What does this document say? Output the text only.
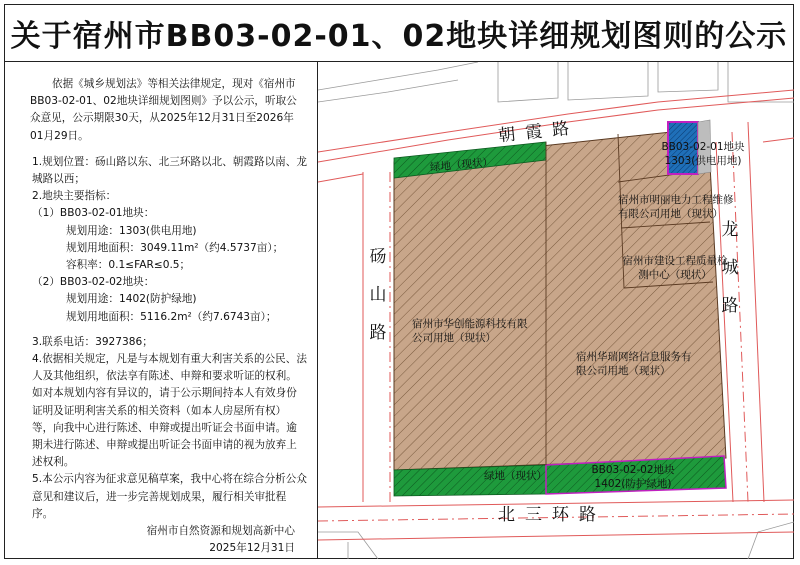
关于宿州市BB03-02-01、02地块详细规划图则的公示

依据《城乡规划法》等相关法律规定，现对《宿州市BB03-02-01、02地块详细规划图则》予以公示，听取公众意见，公示期限30天，从2025年12月31日至2026年01月29日。

1.规划位置：砀山路以东、北三环路以北、朝霞路以南、龙城路以西；

2.地块主要指标：

（1）BB03-02-01地块：

规划用途：1303(供电用地)

规划用地面积：3049.11m²（约4.5737亩）；

容积率：0.1≤FAR≤0.5；

（2）BB03-02-02地块：

规划用途：1402(防护绿地)

规划用地面积：5116.2m²（约7.6743亩）；

3.联系电话：3927386；

4.依据相关规定，凡是与本规划有重大利害关系的公民、法人及其他组织，依法享有陈述、申辩和要求听证的权利。如对本规划内容有异议的，请于公示期间持本人有效身份证明及证明利害关系的相关资料（如本人房屋所有权）等，向我中心进行陈述、申辩或提出听证会书面申请。逾期未进行陈述、申辩或提出听证会书面申请的视为放弃上述权利。

5.本公示内容为征求意见稿草案，我中心将在综合分析公众意见和建议后，进一步完善规划成果，履行相关审批程序。

宿州市自然资源和规划高新中心

2025年12月31日

朝霞路
砀
山
路
龙
城
路
北三环路
绿地（现状）
绿地（现状）
BB03-02-01地块
1303(供电用地)
BB03-02-02地块
1402(防护绿地)
宿州市华创能源科技有限
公司用地（现状）
宿州华瑞网络信息服务有
限公司用地（现状）
宿州市明丽电力工程维修
有限公司用地（现状）
宿州市建设工程质量检
测中心（现状）
